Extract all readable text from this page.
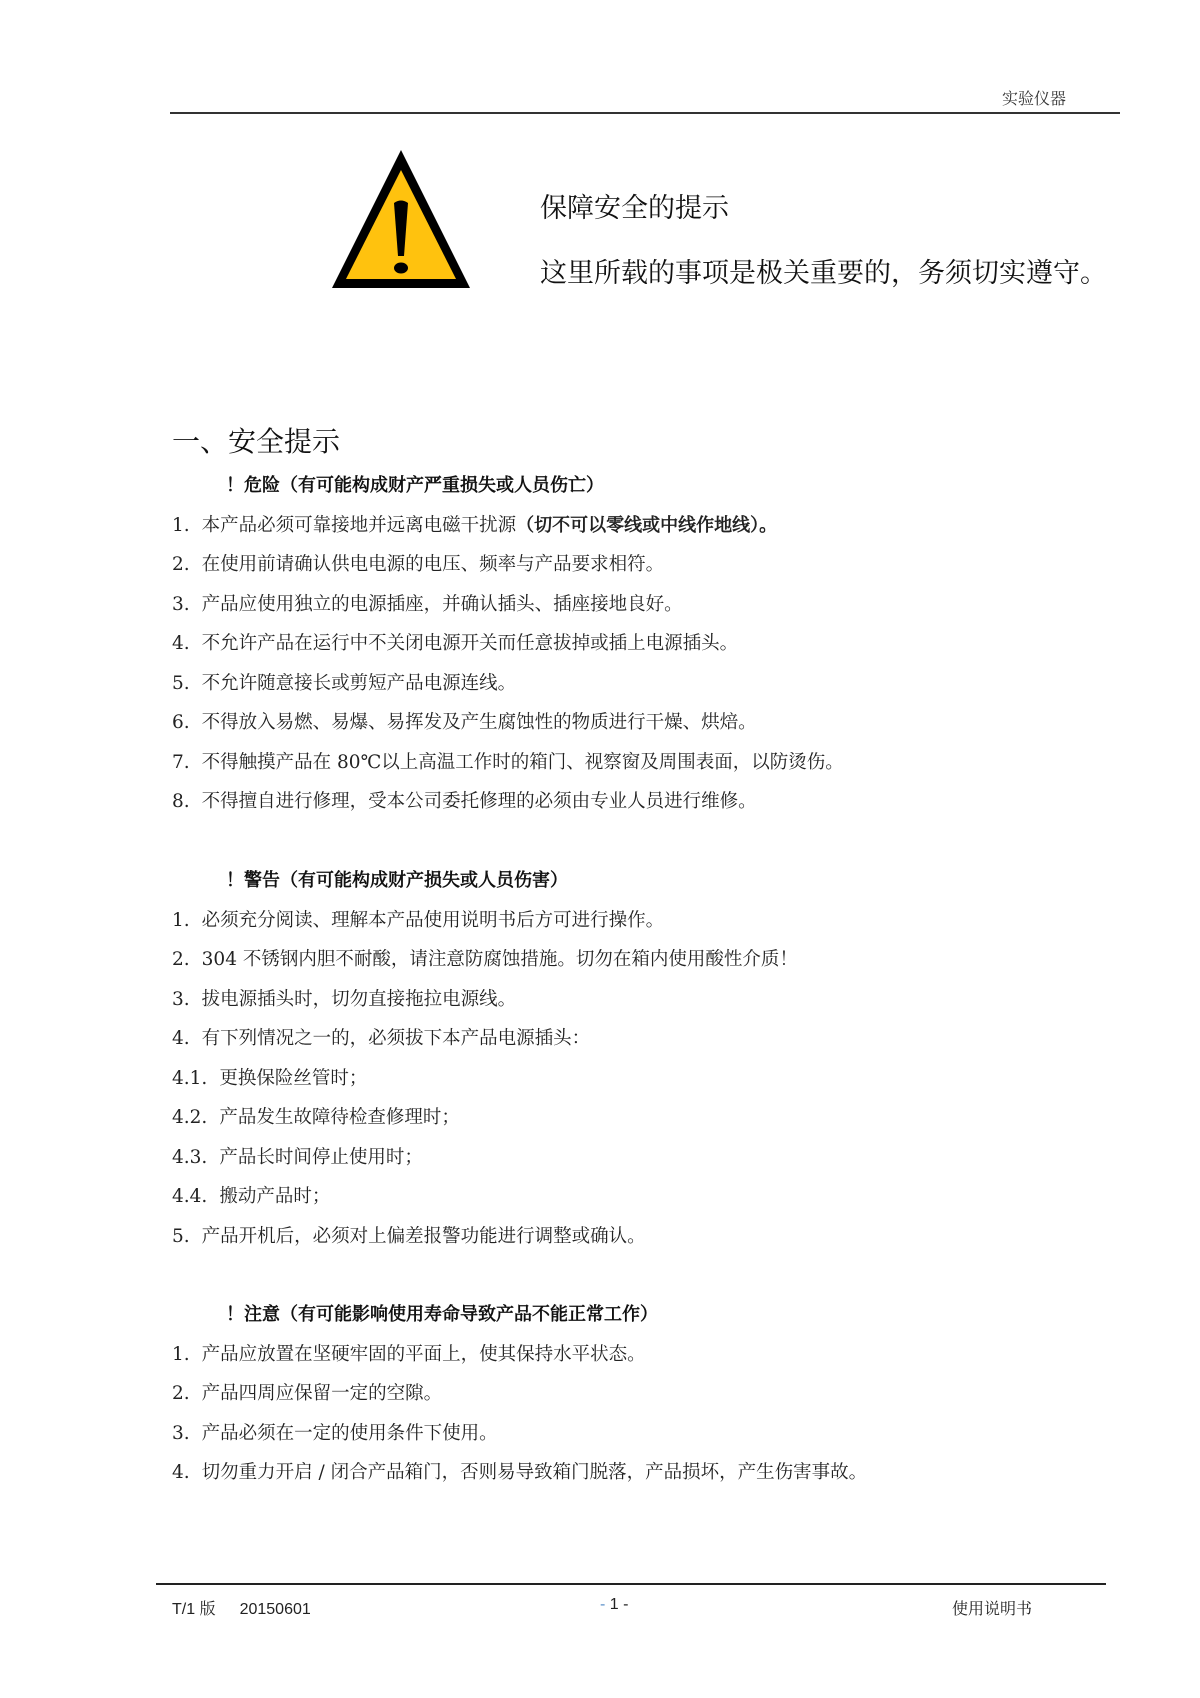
实验仪器
保障安全的提示
这里所载的事项是极关重要的，务须切实遵守。
一、安全提示
！危险（有可能构成财产严重损失或人员伤亡）
1. 本产品必须可靠接地并远离电磁干扰源（切不可以零线或中线作地线）。
2. 在使用前请确认供电电源的电压、频率与产品要求相符。
3. 产品应使用独立的电源插座，并确认插头、插座接地良好。
4. 不允许产品在运行中不关闭电源开关而任意拔掉或插上电源插头。
5. 不允许随意接长或剪短产品电源连线。
6. 不得放入易燃、易爆、易挥发及产生腐蚀性的物质进行干燥、烘焙。
7. 不得触摸产品在 80℃以上高温工作时的箱门、视察窗及周围表面，以防烫伤。
8. 不得擅自进行修理，受本公司委托修理的必须由专业人员进行维修。
！警告（有可能构成财产损失或人员伤害）
1. 必须充分阅读、理解本产品使用说明书后方可进行操作。
2. 304 不锈钢内胆不耐酸，请注意防腐蚀措施。切勿在箱内使用酸性介质！
3. 拔电源插头时，切勿直接拖拉电源线。
4. 有下列情况之一的，必须拔下本产品电源插头：
4.1. 更换保险丝管时；
4.2. 产品发生故障待检查修理时；
4.3. 产品长时间停止使用时；
4.4. 搬动产品时；
5. 产品开机后，必须对上偏差报警功能进行调整或确认。
！注意（有可能影响使用寿命导致产品不能正常工作）
1. 产品应放置在坚硬牢固的平面上，使其保持水平状态。
2. 产品四周应保留一定的空隙。
3. 产品必须在一定的使用条件下使用。
4. 切勿重力开启 / 闭合产品箱门，否则易导致箱门脱落，产品损坏，产生伤害事故。
T/1 版 20150601	- 1 -	使用说明书
